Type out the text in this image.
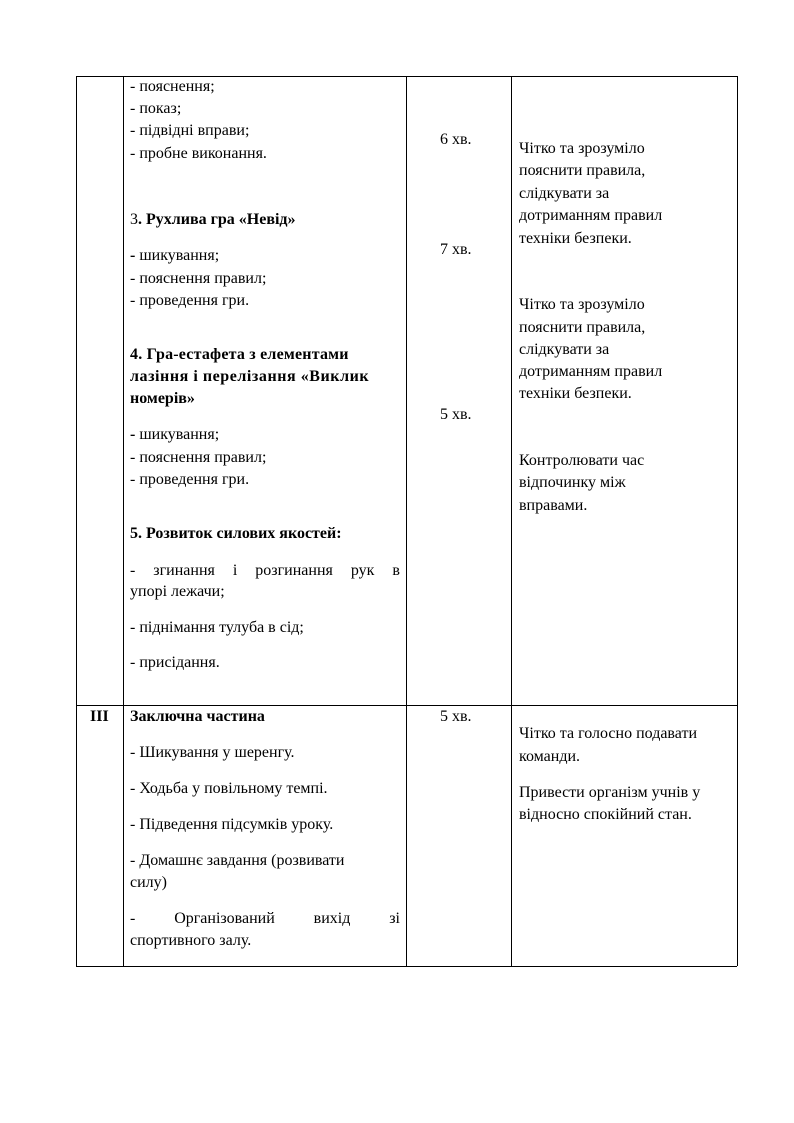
- пояснення;
- показ;
- підвідні вправи;
- пробне виконання.
3. Рухлива гра «Невід»
- шикування;
- пояснення правил;
- проведення гри.
4. Гра-естафета з елементами
лазіння і перелізання «Виклик
номерів»
- шикування;
- пояснення правил;
- проведення гри.
5. Розвиток силових якостей:
- згинання і розгинання рук в
упорі лежачи;
- піднімання тулуба в сід;
- присідання.
6 хв.
7 хв.
5 хв.
Чітко та зрозуміло
пояснити правила,
слідкувати за
дотриманням правил
техніки безпеки.
Чітко та зрозуміло
пояснити правила,
слідкувати за
дотриманням правил
техніки безпеки.
Контролювати час
відпочинку між
вправами.
III Заключна частина
- Шикування у шеренгу.
- Ходьба у повільному темпі.
- Підведення підсумків уроку.
- Домашнє завдання (розвивати
силу)
- Організований вихід зі
спортивного залу.
5 хв.
Чітко та голосно подавати
команди.
Привести організм учнів у
відносно спокійний стан.
